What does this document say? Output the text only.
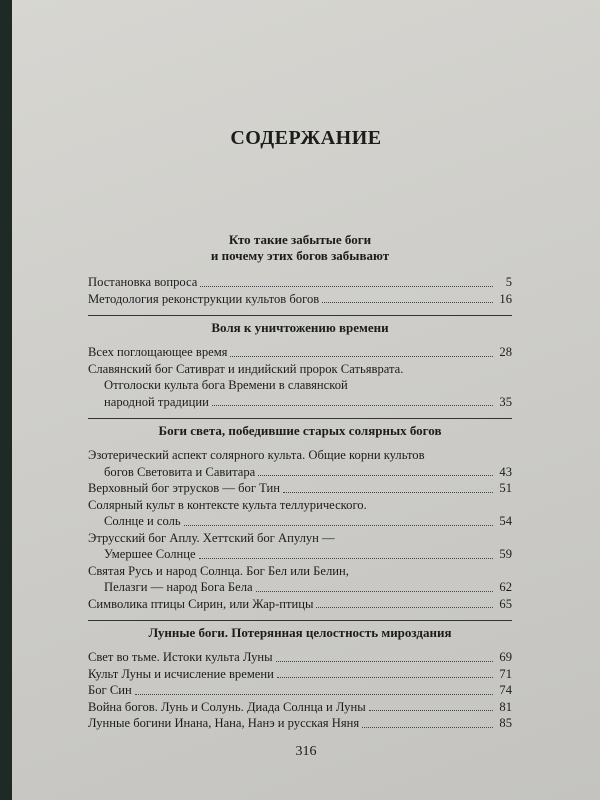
СОДЕРЖАНИЕ
Кто такие забытые боги
и почему этих богов забывают
Постановка вопроса	5
Методология реконструкции культов богов	16
Воля к уничтожению времени
Всех поглощающее время	28
Славянский бог Сативрат и индийский пророк Сатьяврата.
Отголоски культа бога Времени в славянской
народной традиции	35
Боги света, победившие старых солярных богов
Эзотерический аспект солярного культа. Общие корни культов
богов Световита и Савитара	43
Верховный бог этрусков — бог Тин	51
Солярный культ в контексте культа теллурического.
Солнце и соль	54
Этрусский бог Аплу. Хеттский бог Апулун —
Умершее Солнце	59
Святая Русь и народ Солнца. Бог Бел или Белин,
Пелазги — народ Бога Бела	62
Символика птицы Сирин, или Жар-птицы	65
Лунные боги. Потерянная целостность мироздания
Свет во тьме. Истоки культа Луны	69
Культ Луны и исчисление времени	71
Бог Син	74
Война богов. Лунь и Солунь. Диада Солнца и Луны	81
Лунные богини Инана, Нана, Нанэ и русская Няня	85
316
